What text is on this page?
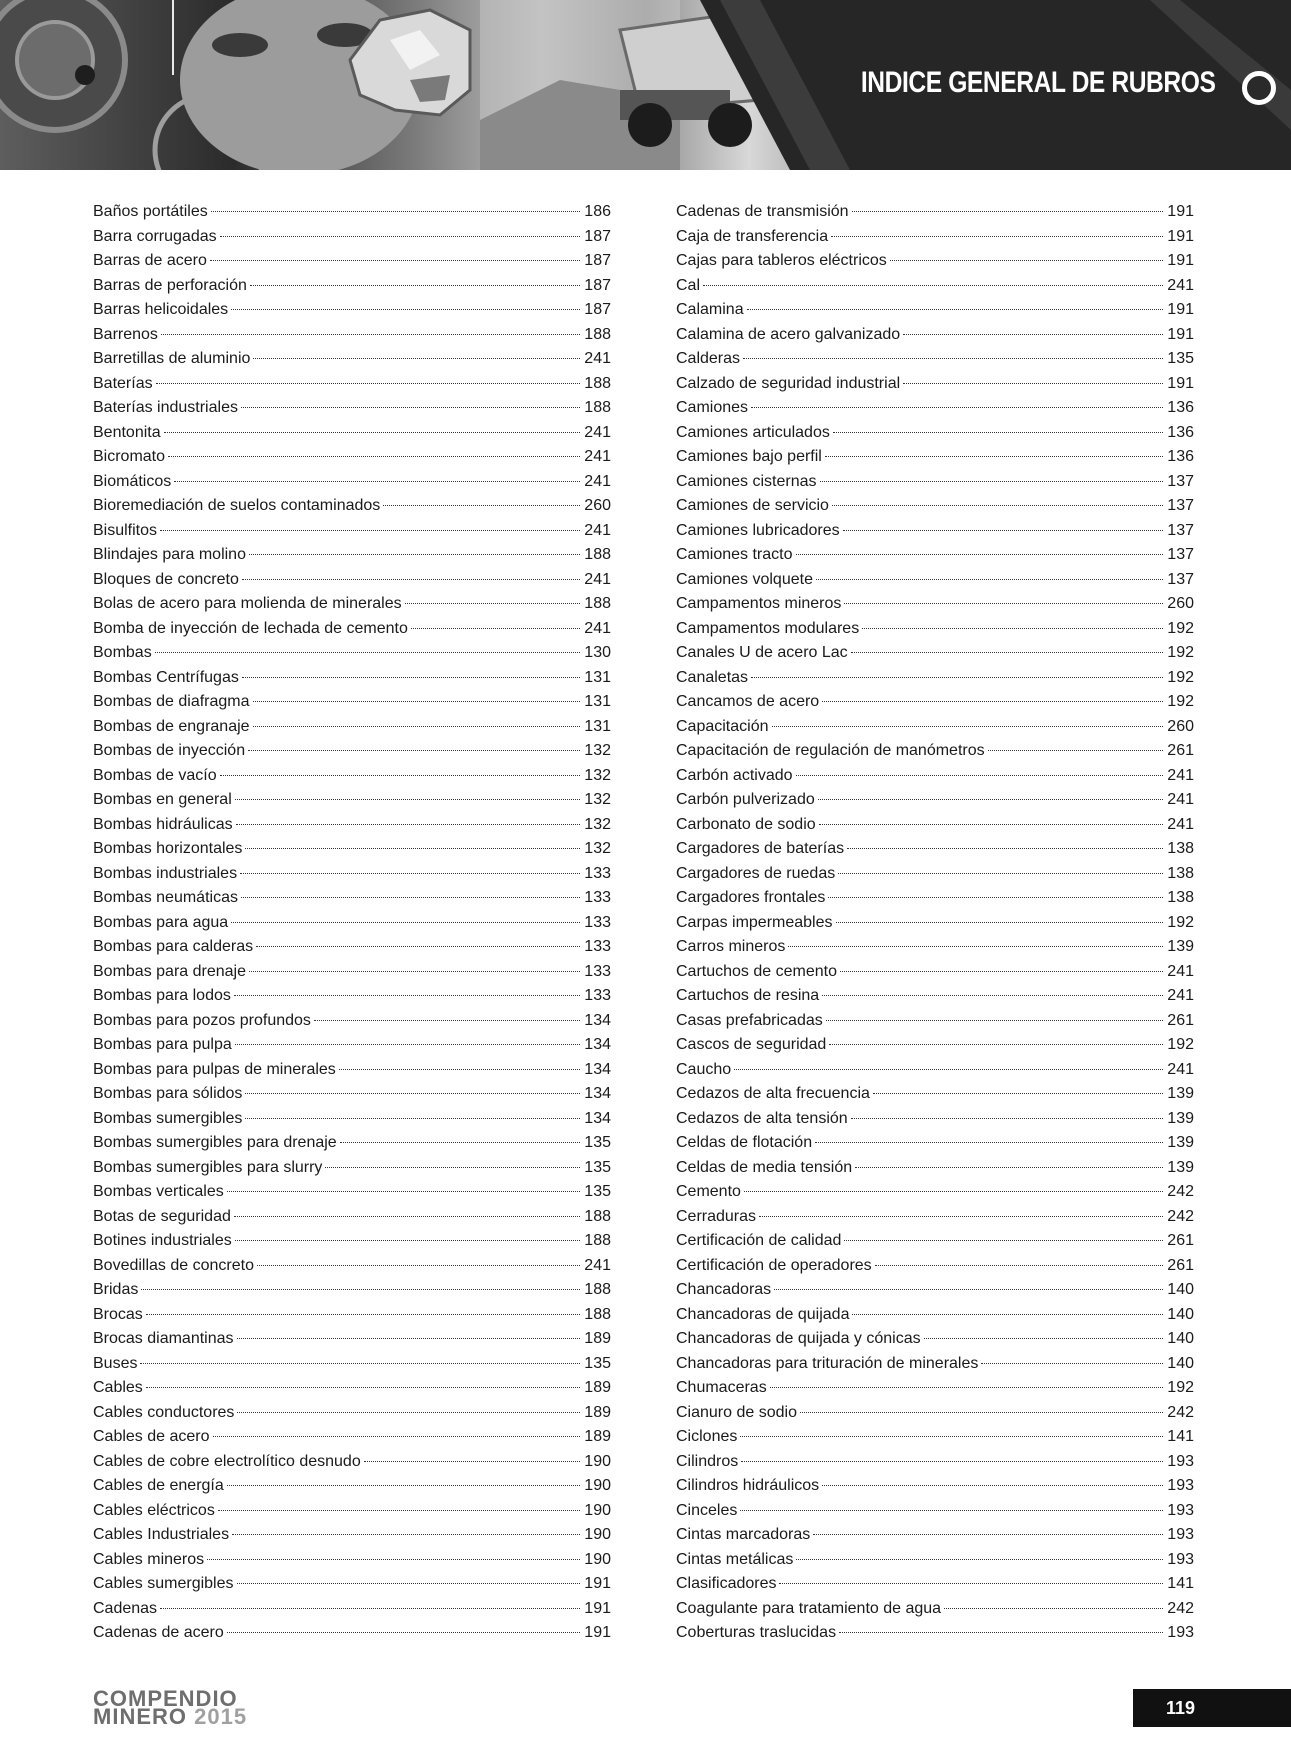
INDICE GENERAL DE RUBROS
Baños portátiles	186
Barra corrugadas	187
Barras de acero	187
Barras de perforación	187
Barras helicoidales	187
Barrenos	188
Barretillas de aluminio	241
Baterías	188
Baterías industriales	188
Bentonita	241
Bicromato	241
Biomáticos	241
Bioremediación de suelos contaminados	260
Bisulfitos	241
Blindajes para molino	188
Bloques de concreto	241
Bolas de acero para molienda de minerales	188
Bomba de inyección de lechada de cemento	241
Bombas	130
Bombas Centrífugas	131
Bombas de diafragma	131
Bombas de engranaje	131
Bombas de inyección	132
Bombas de vacío	132
Bombas en general	132
Bombas hidráulicas	132
Bombas horizontales	132
Bombas industriales	133
Bombas neumáticas	133
Bombas para agua	133
Bombas para calderas	133
Bombas para drenaje	133
Bombas para lodos	133
Bombas para pozos profundos	134
Bombas para pulpa	134
Bombas para pulpas de minerales	134
Bombas para sólidos	134
Bombas sumergibles	134
Bombas sumergibles para drenaje	135
Bombas sumergibles para slurry	135
Bombas verticales	135
Botas de seguridad	188
Botines industriales	188
Bovedillas de concreto	241
Bridas	188
Brocas	188
Brocas diamantinas	189
Buses	135
Cables	189
Cables conductores	189
Cables de acero	189
Cables de cobre electrolítico desnudo	190
Cables de energía	190
Cables eléctricos	190
Cables Industriales	190
Cables mineros	190
Cables sumergibles	191
Cadenas	191
Cadenas de acero	191
Cadenas de transmisión	191
Caja de transferencia	191
Cajas para tableros eléctricos	191
Cal	241
Calamina	191
Calamina de acero galvanizado	191
Calderas	135
Calzado de seguridad industrial	191
Camiones	136
Camiones articulados	136
Camiones bajo perfil	136
Camiones cisternas	137
Camiones de servicio	137
Camiones lubricadores	137
Camiones tracto	137
Camiones volquete	137
Campamentos mineros	260
Campamentos modulares	192
Canales U de acero Lac	192
Canaletas	192
Cancamos de acero	192
Capacitación	260
Capacitación de regulación de manómetros	261
Carbón activado	241
Carbón pulverizado	241
Carbonato de sodio	241
Cargadores de baterías	138
Cargadores de ruedas	138
Cargadores frontales	138
Carpas impermeables	192
Carros mineros	139
Cartuchos de cemento	241
Cartuchos de resina	241
Casas prefabricadas	261
Cascos de seguridad	192
Caucho	241
Cedazos de alta frecuencia	139
Cedazos de alta tensión	139
Celdas de flotación	139
Celdas de media tensión	139
Cemento	242
Cerraduras	242
Certificación de calidad	261
Certificación de operadores	261
Chancadoras	140
Chancadoras de quijada	140
Chancadoras de quijada y cónicas	140
Chancadoras para trituración de minerales	140
Chumaceras	192
Cianuro de sodio	242
Ciclones	141
Cilindros	193
Cilindros hidráulicos	193
Cinceles	193
Cintas marcadoras	193
Cintas metálicas	193
Clasificadores	141
Coagulante para tratamiento de agua	242
Coberturas traslucidas	193
COMPENDIO
MINERO 2015	119
